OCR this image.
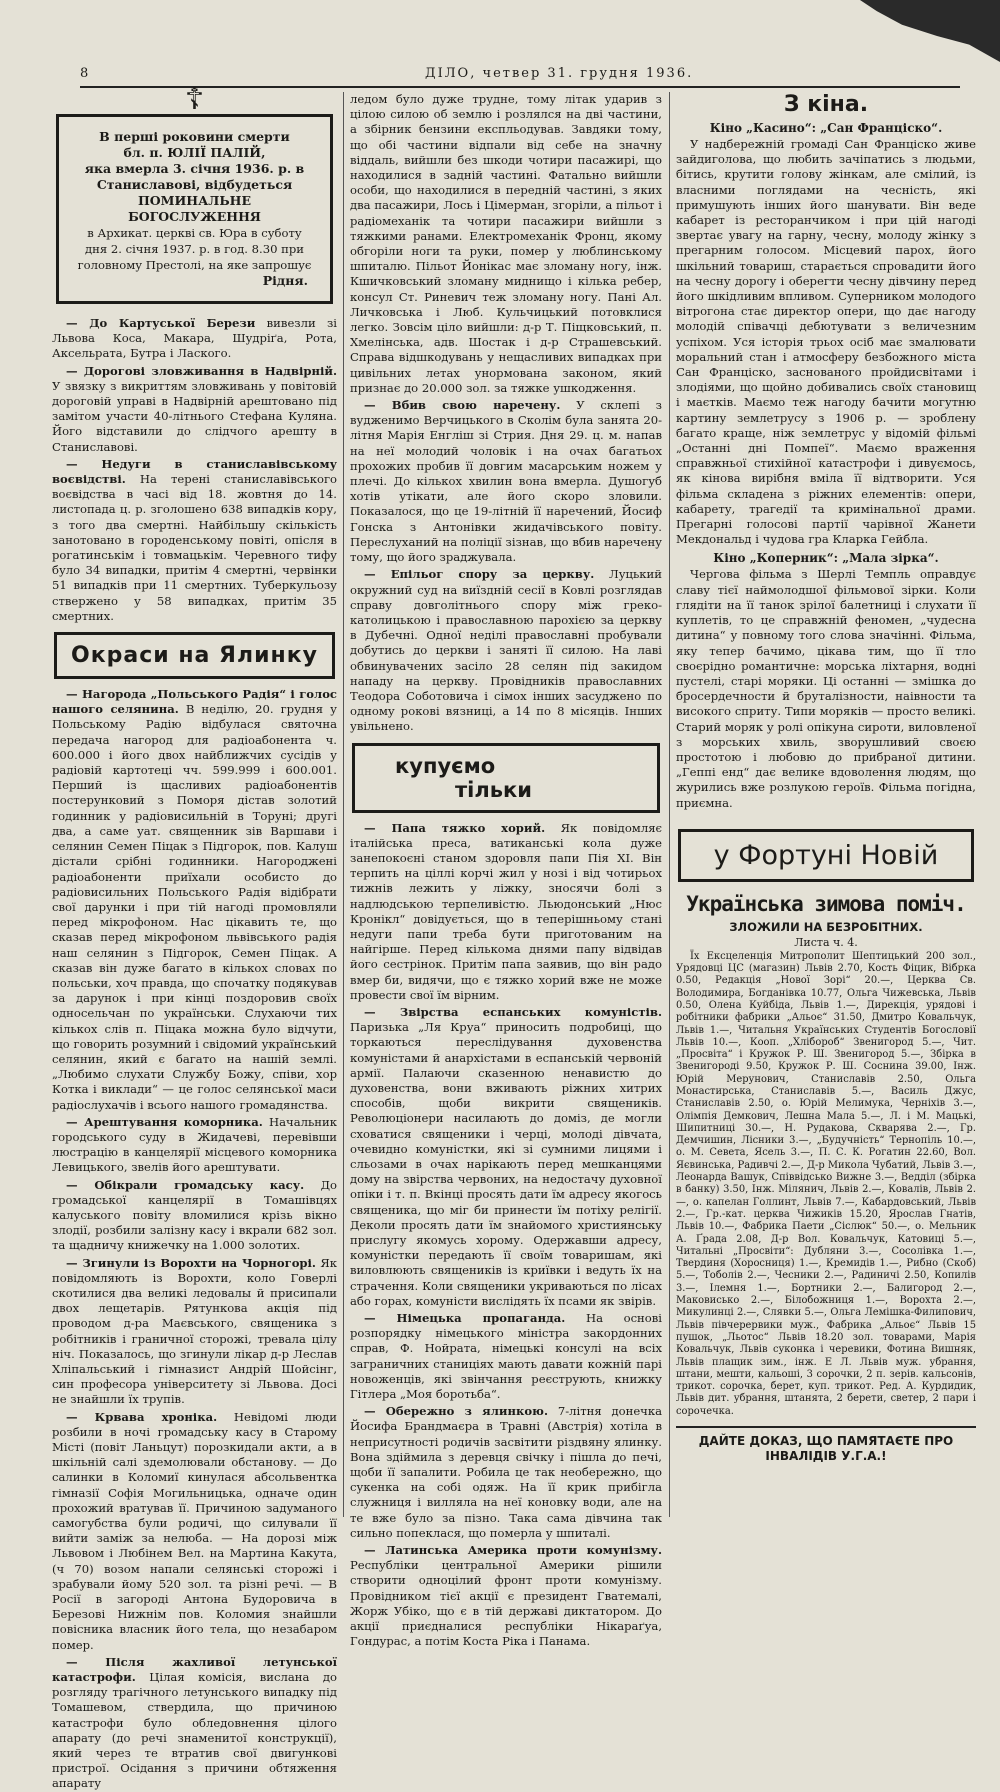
8	ДІЛО, четвер 31. грудня 1936.
☦
В перші роковини смерти
бл. п. ЮЛІЇ ПАЛІЙ,
яка вмерла 3. січня 1936. р. в Станиславові, відбудеться
ПОМИНАЛЬНЕ БОГОСЛУЖЕННЯ
в Архикат. церкві св. Юра в суботу дня 2. січня 1937. р. в год. 8.30 при головному Престолі, на яке запрошує
Рідня.

— До Картуської Берези вивезли зі Львова Коса, Макара, Шудріґа, Рота, Аксельрата, Бутра і Лаского.

— Дорогові зловживання в Надвірній. У звязку з викриттям зловживань у повітовій дороговій управі в Надвірній арештовано під замітом участи 40-літнього Стефана Куляна. Його відставили до слідчого арешту в Станиславові.

— Недуги в станиславівському воєвідстві. На терені станиславівського воєвідства в часі від 18. жовтня до 14. листопада ц. р. зголошено 638 випадків кору, з того два смертні. Найбільшу скількість занотовано в городенському повіті, опісля в рогатинськім і товмацькім. Черевного тифу було 34 випадки, притім 4 смертні, червінки 51 випадків при 11 смертних. Туберкульозу ствержено у 58 випадках, притім 35 смертних.

Окраси на Ялинку

— Нагорода „Польського Радія“ і голос нашого селянина. В неділю, 20. грудня у Польському Радію відбулася святочна передача нагород для радіоабонента ч. 600.000 і його двох найближчих сусідів у радіовій картотеці чч. 599.999 і 600.001. Перший із щасливих радіоабонентів постерунковий з Поморя дістав золотий годинник у радіовисильній в Торуні; другі два, а саме уат. священник зів Варшави і селянин Семен Піцак з Підгорок, пов. Калуш дістали срібні годинники. Нагороджені радіоабоненти приїхали особисто до радіовисильних Польського Радія відібрати свої дарунки і при тій нагоді промовляли перед мікрофоном. Нас цікавить те, що сказав перед мікрофоном львівського радія наш селянин з Підгорок, Семен Піцак. А сказав він дуже багато в кількох словах по польськи, хоч правда, що спочатку подякував за дарунок і при кінці поздоровив своїх односельчан по українськи. Слухаючи тих кількох слів п. Піцака можна було відчути, що говорить розумний і свідомий український селянин, який є багато на нашій землі. „Любимо слухати Службу Божу, співи, хор Котка і виклади“ — це голос селянської маси радіослухачів і всього нашого громадянства.

— Арештування коморника. Начальник городського суду в Жидачеві, перевівши люстрацію в канцелярії місцевого коморника Левицького, звелів його арештувати.

— Обікрали громадську касу. До громадської канцелярії в Томашівцях калуського повіту вломилися крізь вікно злодії, розбили залізну касу і вкрали 682 зол. та щадничу книжечку на 1.000 золотих.

— Згинули із Ворохти на Чорногорі. Як повідомляють із Ворохти, коло Говерлі скотилися два великі ледовалы й присипали двох лещетарів. Рятункова акція під проводом д-ра Маєвського, священика з робітників і граничної сторожі, тревала цілу ніч. Показалось, що згинули лікар д-р Леслав Хліпальський і гімназист Андрій Шойсінг, син професора університету зі Львова. Досі не знайшли їх трупів.

— Крвава хроніка. Невідомі люди розбили в ночі громадську касу в Старому Місті (повіт Ланьцут) порозкидали акти, а в шкільній салі здемолювали обстанову. — До салинки в Коломиї кинулася абсольвентка гімназії Софія Могильницька, одначе один прохожий вратував її. Причиною задуманого самогубства були родичі, що силували її вийти заміж за нелюба. — На дорозі між Львовом і Любінем Вел. на Мартина Какута, (ч 70) возом напали селянські сторожі і зрабували йому 520 зол. та різні речі. — В Росії в загороді Антона Будоровича в Березові Нижнім пов. Коломия знайшли повісника власник його тела, що незабаром помер.

— Після жахливої летунської катастрофи. Цілая комісія, вислана до розгляду трагічного летунського випадку під Томашевом, ствердила, що причиною катастрофи було обледовнення цілого апарату (до речі знаменитої конструкції), який через те втратив свої двигункові пристрої. Осідання з причини обтяження апарату

ледом було дуже трудне, тому літак ударив з цілою силою об землю і розлялся на дві частини, а збірник бензини експльодував. Завдяки тому, що обі частини відпали від себе на значну віддаль, вийшли без шкоди чотири пасажирі, що находилися в задній частині. Фатально вийшли особи, що находилися в передній частині, з яких два пасажири, Лось і Цімерман, згоріли, а пільот і радіомеханік та чотири пасажири вийшли з тяжкими ранами. Електромеханік Фронц, якому обгоріли ноги та руки, помер у люблинському шпиталю. Пільот Йонікас має зломану ногу, інж. Кшичковський зломану миднищо і кілька ребер, консул Ст. Риневич теж зломану ногу. Пані Ал. Личковська і Люб. Кульчицький потовклися легко. Зовсім ціло вийшли: д-р Т. Піщковський, п. Хмелінська, адв. Шостак і д-р Страшевський. Справа відшкодувань у нещасливих випадках при цивільних летах унормована законом, який признає до 20.000 зол. за тяжке ушкодження.

— Вбив свою наречену. У склепі з вудженимо Верчицького в Сколім була занята 20-літня Марія Енгліш зі Стрия. Дня 29. ц. м. напав на неї молодий чоловік і на очах багатьох прохожих пробив її довгим масарським ножем у плечі. До кількох хвилин вона вмерла. Душогуб хотів утікати, але його скоро зловили. Показалося, що це 19-літній її наречений, Йосиф Гонска з Антонівки жидачівського повіту. Переслуханий на поліції зізнав, що вбив наречену тому, що його зраджувала.

— Епільог спору за церкву. Луцький окружний суд на виїздній сесії в Ковлі розглядав справу довголітнього спору між греко-католицькою і православною парохією за церкву в Дубечні. Одної неділі православні пробували добутись до церкви і занятi її силою. На лаві обвинувачених засіло 28 селян під закидом нападу на церкву. Провідників православних Теодора Соботовича і сімох інших засуджено по одному рокові вязниці, а 14 по 8 місяців. Інших увільнено.

купуємо
тільки

— Папа тяжко хорий. Як повідомляє італійська преса, ватиканські кола дуже занепокоєні станом здоровля папи Пія XI. Він терпить на ціллі корчі жил у нозі і від чотирьох тижнів лежить у ліжку, зносячи болі з надлюдською терпеливістю. Льюдонський „Нюс Кронікл“ довідується, що в теперішньому стані недуги папи треба бути приготованим на найгірше. Перед кількома днями папу відвідав його сестрінок. Притім папа заявив, що він радо вмер би, видячи, що є тяжко хорий вже не може провести свої їм вірним.

— Звірства еспанських комуністів. Паризька „Ля Круа“ приносить подробиці, що торкаються переслідування духовенства комуністами й анархістами в еспанській червоній армії. Палаючи сказенною ненавистю до духовенства, вони вживають ріжних хитрих способів, щоби викрити священиків. Революціонери насилають до доміз, де могли сховатися священики і черці, молоді дівчата, очевидно комуністки, які зі сумними лицями і сльозами в очах нарікають перед мешканцями дому на звірства червоних, на недостачу духовної опіки і т. п. Вкінці просять дати їм адресу якогось священика, що міг би принести їм потіху релігії. Деколи просять дати їм знайомого християнську прислугу якомусь хорому. Одержавши адресу, комуністки передають її своїм товаришам, які виловлюють священиків із криївки і ведуть їх на страчення. Коли священики укриваються по лісах або горах, комуністи вислідять їх псами як звірів.

— Німецька пропаганда. На основі розпорядку німецького міністра закордонних справ, Ф. Нойрата, німецькі консулі на всіх заграничних станиціях мають давати кожній парі новоженців, які звінчання реєструють, книжку Гітлера „Моя боротьба“.

— Обережно з ялинкою. 7-літня донечка Йосифа Брандмаєра в Травні (Австрія) хотіла в неприсутності родичів засвітити різдвяну ялинку. Вона здіймила з деревця свічку і пішла до печі, щоби її запалити. Робила це так необережно, що сукенка на собі одяж. На її крик прибігла служниця і вилляла на неї коновку води, але на те вже було за пізно. Така сама дівчина так сильно попеклася, що померла у шпиталі.

— Латинська Америка проти комунізму. Республіки центральної Америки рішили створити одноцілий фронт проти комунізму. Провідником тієї акції є президент Гватемалі, Жорж Убіко, що є в тій державі диктатором. До акції приєдналися республіки Нікараґуа, Гондурас, а потім Коста Ріка і Панама.

З кіна.
Кіно „Касино“: „Сан Франціско“.

У надбережній громаді Сан Франціско живе зайдиголова, що любить зачіпатись з людьми, бітись, крутити голову жінкам, але смілий, із власними поглядами на чесність, які примушують інших його шанувати. Він веде кабарет із ресторанчиком і при цій нагоді звертає увагу на гарну, чесну, молоду жінку з прегарним голосом. Місцевий парох, його шкільний товариш, старається спровадити його на чесну дорогу і оберегти чесну дівчину перед його шкідливим впливом. Суперником молодого вітрогона стає директор опери, що дає нагоду молодій співачці дебютувати з величезним успіхом. Уся історія трьох осіб має змалювати моральний стан і атмосферу безбожного міста Сан Франціско, заснованого пройдисвітами і злодіями, що щойно добивались своїх становищ і маєтків. Маємо теж нагоду бачити могутню картину землетрусу з 1906 р. — зроблену багато краще, ніж землетрус у відомій фільмі „Останні дні Помпеї“. Маємо враження справжньої стихійної катастрофи і дивуємось, як кінова вирібня вміла її відтворити. Уся фільма складена з ріжних елементів: опери, кабарету, трагедії та кримінальної драми. Прегарні голосові партії чарівної Жанети Мекдональд і чудова гра Кларка Гейбла.

Кіно „Коперник“: „Мала зірка“.

Чергова фільма з Шерлі Темпль оправдує славу тієї наймолодшої фільмової зірки. Коли глядіти на її танок зрілої балетниці і слухати її куплетів, то це справжній феномен, „чудесна дитина“ у повному того слова значінні. Фільма, яку тепер бачимо, цікава тим, що її тло своєрідно романтичне: морська ліхтарня, водні пустелі, старі моряки. Ці останні — змішка до бросердечности й бруталізности, наівности та високого сприту. Типи моряків — просто великі. Старий моряк у ролі опікуна сироти, виловленої з морських хвиль, зворушливий своєю простотою і любовю до прибраної дитини. „Геппі енд“ дає велике вдоволення людям, що журились вже розлукою героїв. Фільма погідна, приємна.

у Фортуні Новій
Українська зимова поміч.
ЗЛОЖИЛИ НА БЕЗРОБІТНИХ.
Листа ч. 4.

Їх Ексцеленція Митрополит Шептицький 200 зол., Урядовці ЦС (магазин) Львів 2.70, Кость Фіцик, Вібрка 0.50, Редакція „Нової Зорі“ 20.—, Церква Св. Володимира, Богданівка 10.77, Ольга Чижевська, Львів 0.50, Олена Куйбіда, Львів 1.—, Дирекція, урядові і робітники фабрики „Альоє“ 31.50, Дмитро Ковальчук, Львів 1.—, Читальня Українських Студентів Богословії Львів 10.—, Кооп. „Хлібороб“ Звенигород 5.—, Чит. „Просвіта“ і Кружок Р. Ш. Звенигород 5.—, Збірка в Звенигороді 9.50, Кружок Р. Ш. Соснина 39.00, Інж. Юрій Мерунович, Станиславів 2.50, Ольга Монастирська, Станиславів 5.—, Василь Джус, Станиславів 2.50, о. Юрій Мелимука, Черніхів 3.—, Олімпія Демкович, Лешна Мала 5.—, Л. і М. Мацькі, Шипитниці 30.—, Н. Рудакова, Скварява 2.—, Гр. Демчишин, Лісники 3.—, „Будучність“ Тернопіль 10.—, о. М. Севета, Ясель 3.—, П. С. К. Рогатин 22.60, Вол. Яєвинська, Радивчі 2.—, Д-р Микола Чубатий, Львів 3.—, Леонарда Вашук, Співвідсько Вижне 3.—, Ведділ (збірка в банку) 3.50, Інж. Мілянич, Львів 2.—, Ковалів, Львів 2.—, о. капелан Голлинт, Львів 7.—, Кабардовський, Львів 2.—, Гр.-кат. церква Чижиків 15.20, Ярослав Гнатів, Львів 10.—, Фабрика Паети „Сіслюк“ 50.—, о. Мельник А. Ґрада 2.08, Д-р Вол. Ковальчук, Катовиці 5.—, Читальні „Просвіти“: Дубляни 3.—, Сосолівка 1.—, Твердиня (Хоросниця) 1.—, Кремидів 1.—, Рибно (Скоб) 5.—, Тоболів 2.—, Чесники 2.—, Радиничі 2.50, Копилів 3.—, Ілемня 1.—, Бортники 2.—, Балигород 2.—, Маковисько 2.—, Білобожниця 1.—, Ворохта 2.—, Микулинці 2.—, Слявки 5.—, Ольга Лемішка-Филипович, Львів півчерервики муж., Фабрика „Альоє“ Львів 15 пушок, „Льотос“ Львів 18.20 зол. товарами, Марія Ковальчук, Львів суконка і черевики, Фотина Вишняк, Львів плащик зим., інж. Е Л. Львів муж. убрання, штани, мешти, кальоші, 3 сорочки, 2 п. зерів. кальсонів, трикот. сорочка, берет, куп. трикот. Ред. А. Курдидик, Львів дит. убрання, штанята, 2 берети, светер, 2 пари і сорочечка.

ДАЙТЕ ДОКАЗ, ЩО ПАМЯТАЄТЕ ПРО ІНВАЛІДІВ У.Г.А.!
